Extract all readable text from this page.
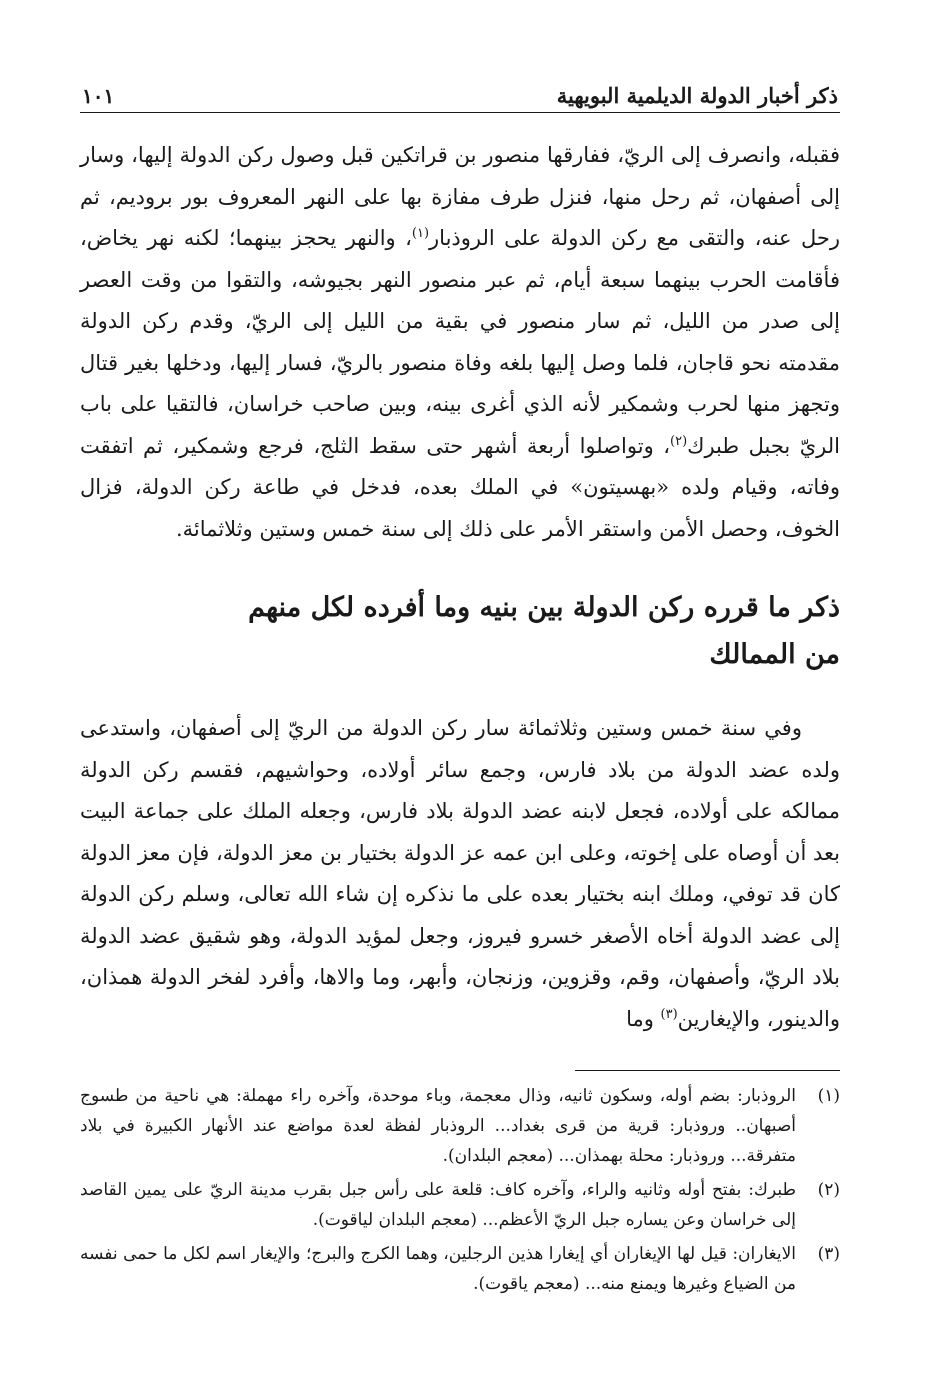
ذكر أخبار الدولة الديلمية البويهية
١٠١

فقبله، وانصرف إلى الريّ، ففارقها منصور بن قراتكين قبل وصول ركن الدولة إليها، وسار إلى أصفهان، ثم رحل منها، فنزل طرف مفازة بها على النهر المعروف بور بروديم، ثم رحل عنه، والتقى مع ركن الدولة على الروذبار$^{(١)}$، والنهر يحجز بينهما؛ لكنه نهر يخاض، فأقامت الحرب بينهما سبعة أيام، ثم عبر منصور النهر بجيوشه، والتقوا من وقت العصر إلى صدر من الليل، ثم سار منصور في بقية من الليل إلى الريّ، وقدم ركن الدولة مقدمته نحو قاجان، فلما وصل إليها بلغه وفاة منصور بالريّ، فسار إليها، ودخلها بغير قتال وتجهز منها لحرب وشمكير لأنه الذي أغرى بينه، وبين صاحب خراسان، فالتقيا على باب الريّ بجبل طبرك$^{(٢)}$، وتواصلوا أربعة أشهر حتى سقط الثلج، فرجع وشمكير، ثم اتفقت وفاته، وقيام ولده «بهسيتون» في الملك بعده، فدخل في طاعة ركن الدولة، فزال الخوف، وحصل الأمن واستقر الأمر على ذلك إلى سنة خمس وستين وثلاثمائة.

ذكر ما قرره ركن الدولة بين بنيه وما أفرده لكل منهم
من الممالك

وفي سنة خمس وستين وثلاثمائة سار ركن الدولة من الريّ إلى أصفهان، واستدعى ولده عضد الدولة من بلاد فارس، وجمع سائر أولاده، وحواشيهم، فقسم ركن الدولة ممالكه على أولاده، فجعل لابنه عضد الدولة بلاد فارس، وجعله الملك على جماعة البيت بعد أن أوصاه على إخوته، وعلى ابن عمه عز الدولة بختيار بن معز الدولة، فإن معز الدولة كان قد توفي، وملك ابنه بختيار بعده على ما نذكره إن شاء الله تعالى، وسلم ركن الدولة إلى عضد الدولة أخاه الأصغر خسرو فيروز، وجعل لمؤيد الدولة، وهو شقيق عضد الدولة بلاد الريّ، وأصفهان، وقم، وقزوين، وزنجان، وأبهر، وما والاها، وأفرد لفخر الدولة همذان، والدينور، والإيغارين$^{(٣)}$ وما

(١)
الروذبار: بضم أوله، وسكون ثانيه، وذال معجمة، وباء موحدة، وآخره راء مهملة: هي ناحية من طسوج أصبهان.. وروذبار: قرية من قرى بغداد... الروذبار لفظة لعدة مواضع عند الأنهار الكبيرة في بلاد متفرقة... وروذبار: محلة بهمذان... (معجم البلدان).
(٢)
طبرك: بفتح أوله وثانيه والراء، وآخره كاف: قلعة على رأس جبل بقرب مدينة الريّ على يمين القاصد إلى خراسان وعن يساره جبل الريّ الأعظم... (معجم البلدان لياقوت).
(٣)
الايغاران: قيل لها الإيغاران أي إيغارا هذين الرجلين، وهما الكرج والبرج؛ والإيغار اسم لكل ما حمى نفسه من الضياع وغيرها ويمنع منه... (معجم ياقوت).
